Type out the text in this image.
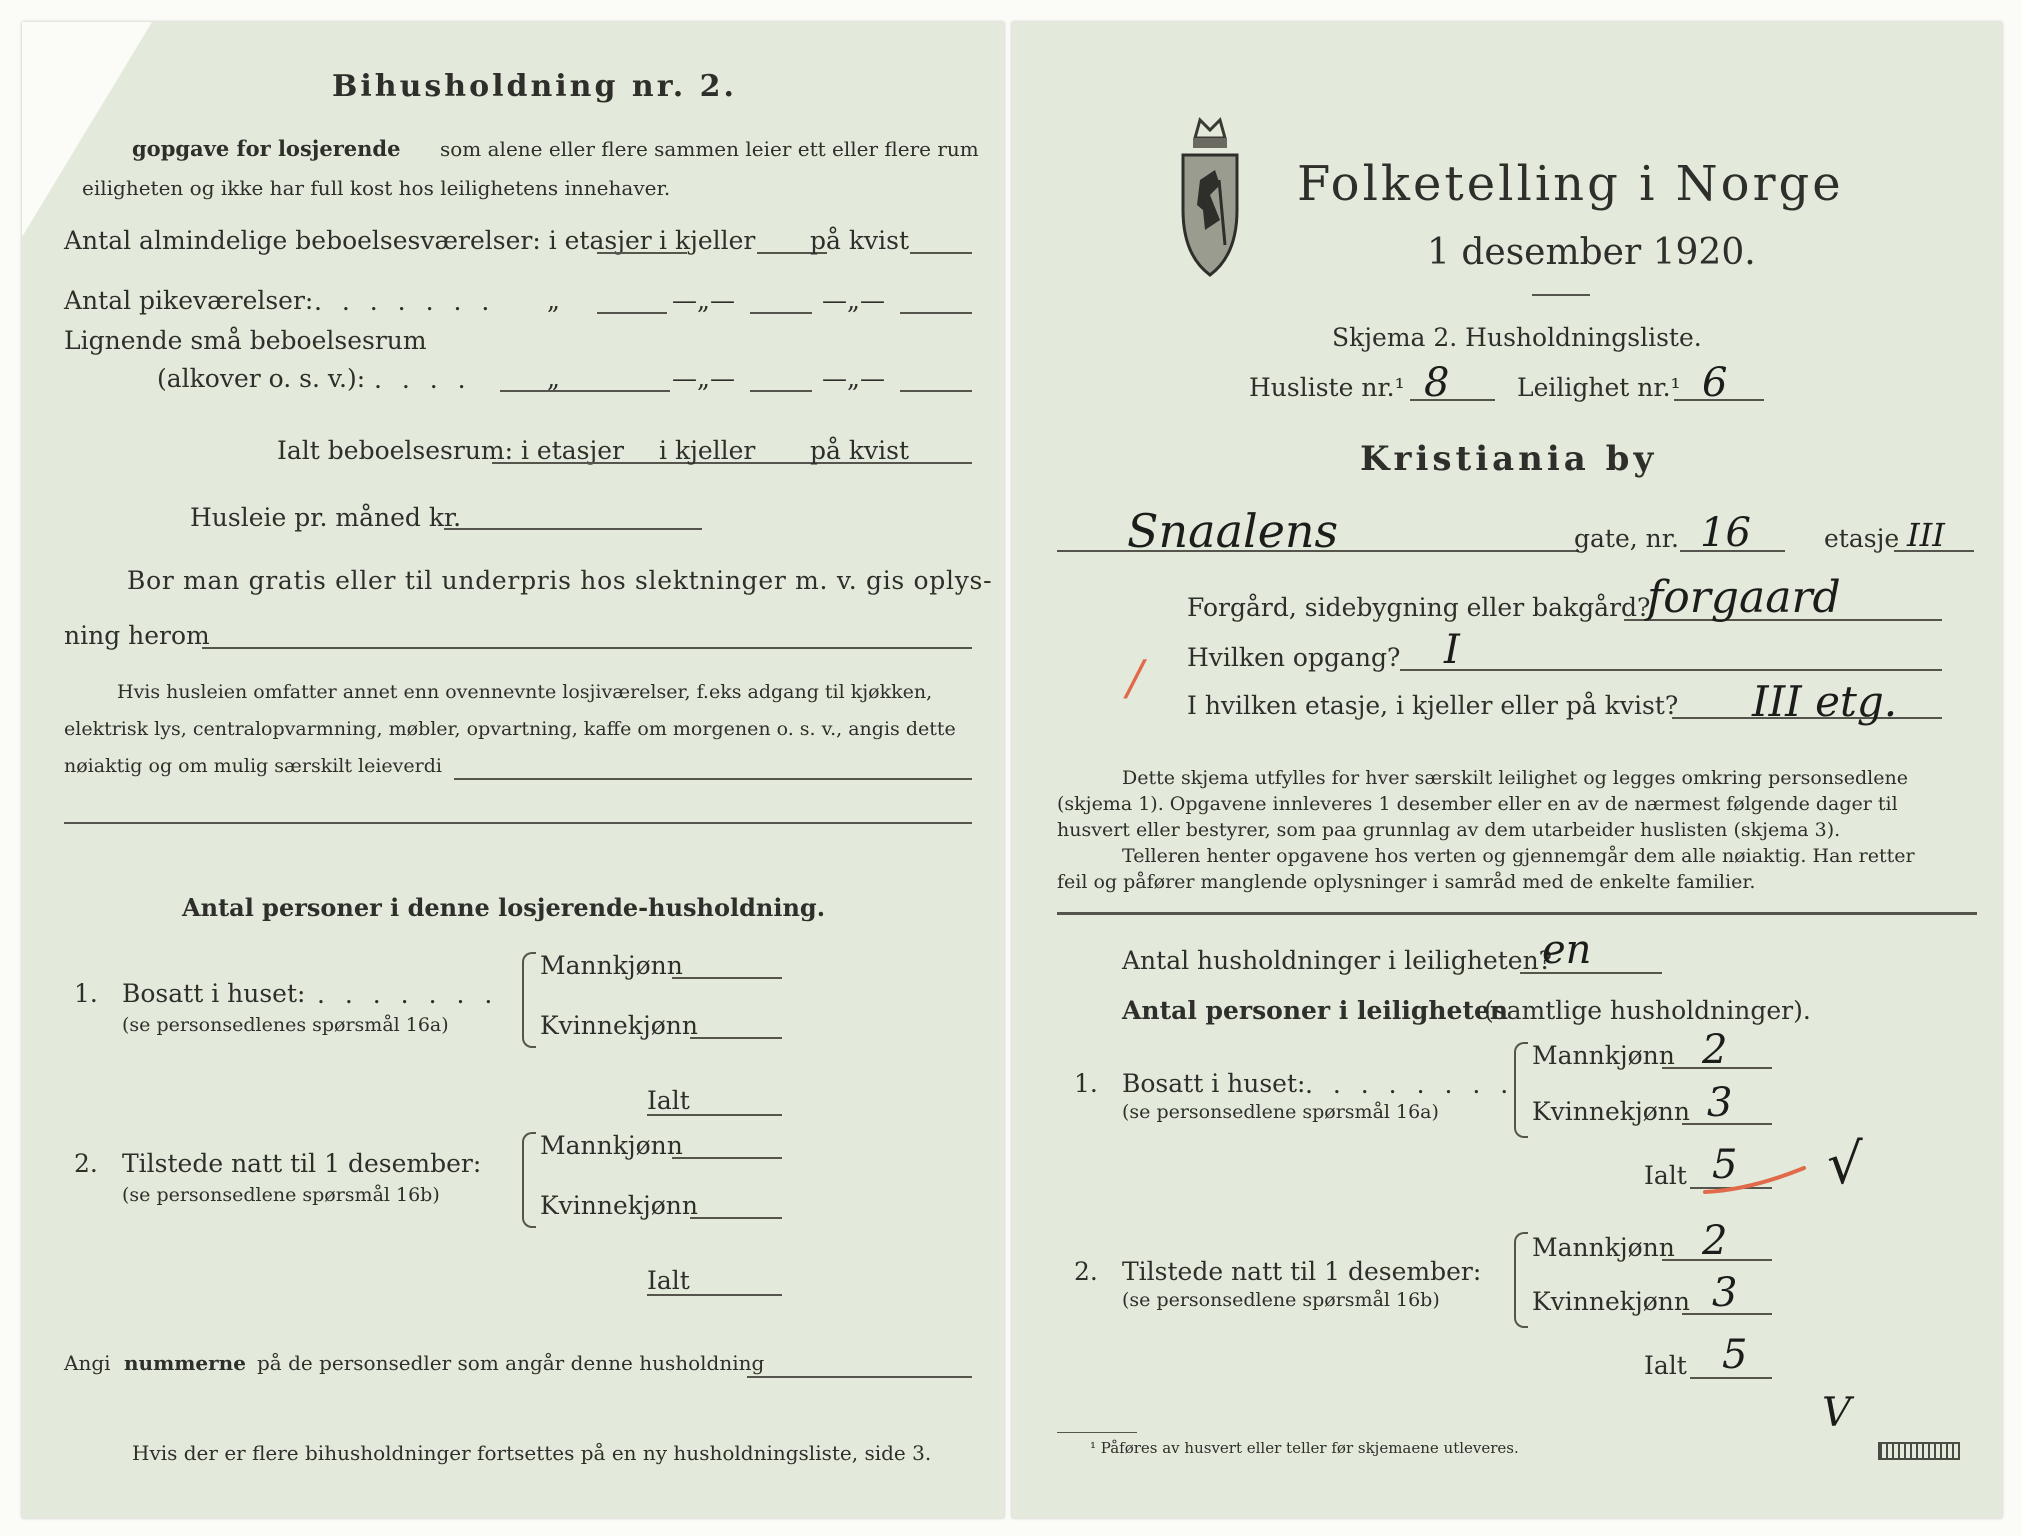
Bihusholdning nr. 2.
gopgave for losjerende som alene eller flere sammen leier ett eller flere rum
eiligheten og ikke har full kost hos leilighetens innehaver.
Antal almindelige beboelsesværelser: i etasjer i kjeller på kvist
Antal pikeværelser: . . . . . . . „	—„—	—„—
Lignende små beboelsesrum
(alkover o. s. v.): . . . .	„	—„—	—„—
Ialt beboelsesrum: i etasjer i kjeller på kvist
Husleie pr. måned kr.
Bor man gratis eller til underpris hos slektninger m. v. gis oplys-
ning herom
Hvis husleien omfatter annet enn ovennevnte losjiværelser, f.eks adgang til kjøkken,
elektrisk lys, centralopvarmning, møbler, opvartning, kaffe om morgenen o. s. v., angis dette
nøiaktig og om mulig særskilt leieverdi
Antal personer i denne losjerende-husholdning.
1. Bosatt i huset: . . . . . . .
(se personsedlenes spørsmål 16a)
Mannkjønn
Kvinnekjønn
Ialt
2. Tilstede natt til 1 desember:
(se personsedlene spørsmål 16b)
Mannkjønn
Kvinnekjønn
Ialt
Angi nummerne på de personsedler som angår denne husholdning
Hvis der er flere bihusholdninger fortsettes på en ny husholdningsliste, side 3.
Folketelling i Norge
1 desember 1920.
Skjema 2. Husholdningsliste.
Husliste nr.¹ 8	Leilighet nr.¹ 6
Kristiania by
Snaalens	gate, nr. 16	etasje III
Forgård, sidebygning eller bakgård?
forgaard
Hvilken opgang? I
I hvilken etasje, i kjeller eller på kvist? III etg.
/
Dette skjema utfylles for hver særskilt leilighet og legges omkring personsedlene
(skjema 1). Opgavene innleveres 1 desember eller en av de nærmest følgende dager til
husvert eller bestyrer, som paa grunnlag av dem utarbeider huslisten (skjema 3).
Telleren henter opgavene hos verten og gjennemgår dem alle nøiaktig. Han retter
feil og påfører manglende oplysninger i samråd med de enkelte familier.
Antal husholdninger i leiligheten?
en
Antal personer i leiligheten
(samtlige husholdninger).
1. Bosatt i huset: . . . . . . . .
(se personsedlene spørsmål 16a)
Mannkjønn 2
Kvinnekjønn 3
Ialt 5 √
2. Tilstede natt til 1 desember:
(se personsedlene spørsmål 16b)
Mannkjønn 2
Kvinnekjønn 3
Ialt 5
V
¹ Påføres av husvert eller teller før skjemaene utleveres.
